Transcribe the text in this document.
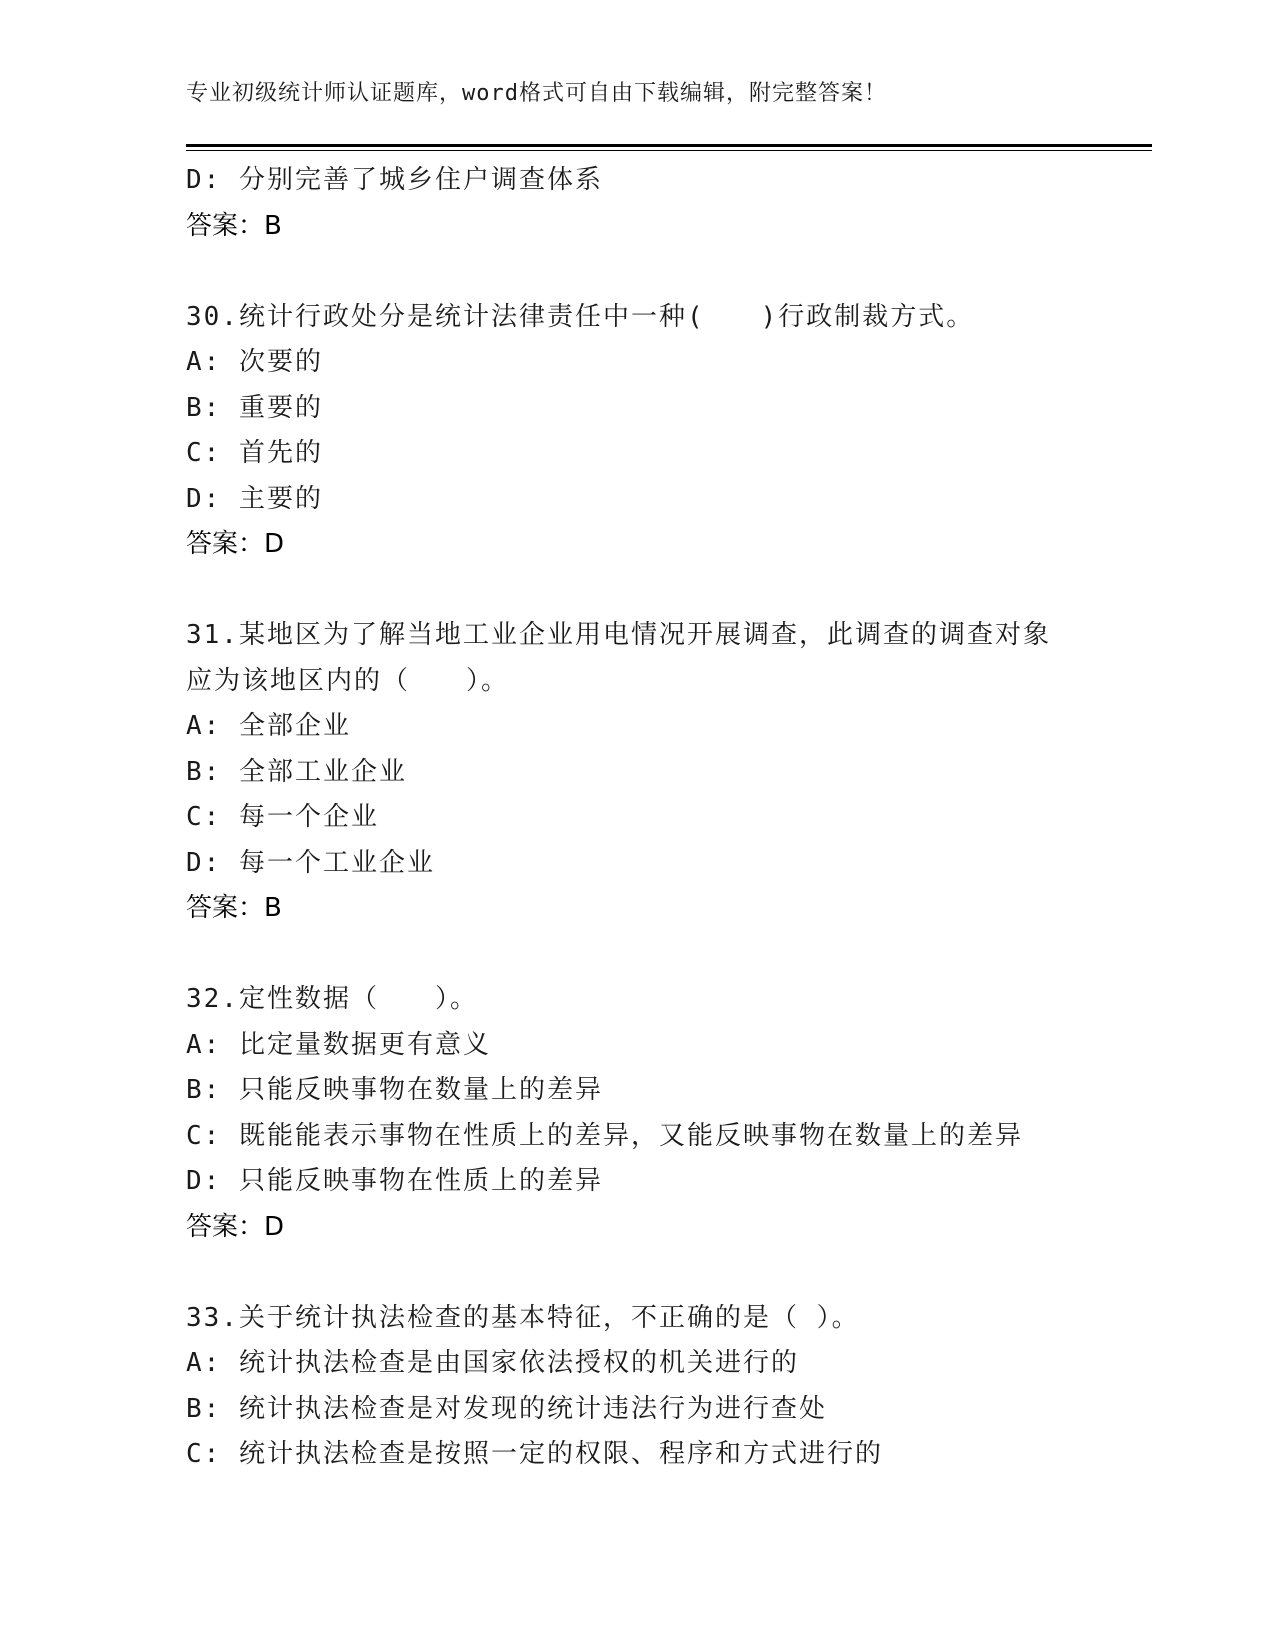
专业初级统计师认证题库，word格式可自由下载编辑，附完整答案！
D: 分别完善了城乡住户调查体系
答案：B
30.统计行政处分是统计法律责任中一种(　　)行政制裁方式。
A: 次要的
B: 重要的
C: 首先的
D: 主要的
答案：D
31.某地区为了解当地工业企业用电情况开展调查，此调查的调查对象
应为该地区内的（　　）。
A: 全部企业
B: 全部工业企业
C: 每一个企业
D: 每一个工业企业
答案：B
32.定性数据（　　）。
A: 比定量数据更有意义
B: 只能反映事物在数量上的差异
C: 既能能表示事物在性质上的差异，又能反映事物在数量上的差异
D: 只能反映事物在性质上的差异
答案：D
33.关于统计执法检查的基本特征，不正确的是（ ）。
A: 统计执法检查是由国家依法授权的机关进行的
B: 统计执法检查是对发现的统计违法行为进行查处
C: 统计执法检查是按照一定的权限、程序和方式进行的
